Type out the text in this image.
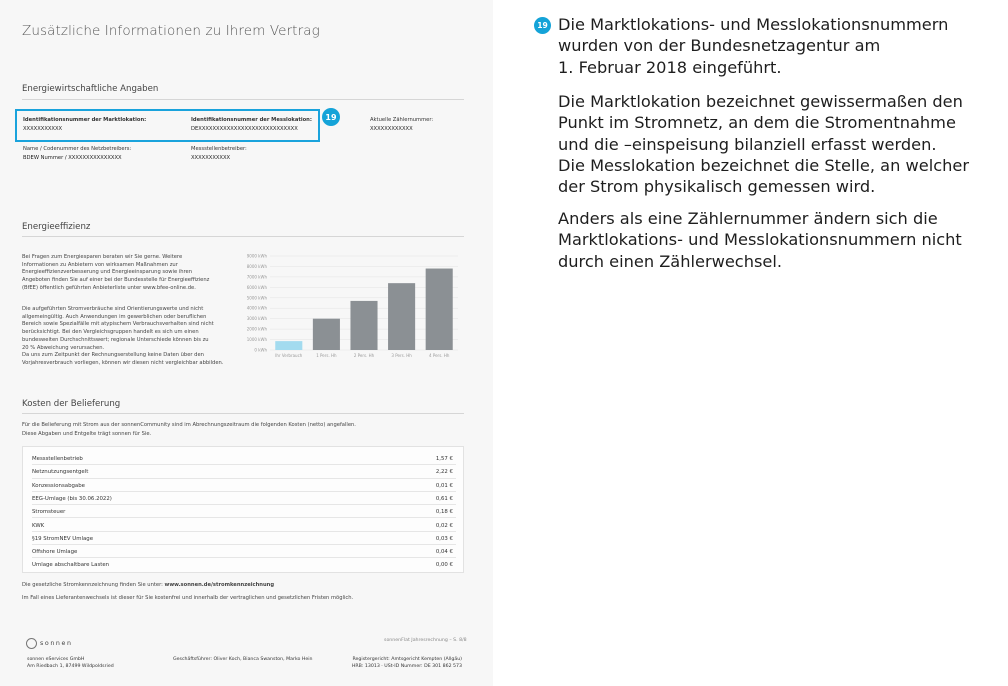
Zusätzliche Informationen zu Ihrem Vertrag
Energiewirtschaftliche Angaben
19
Identifikationsnummer der Marktlokation:
XXXXXXXXXXX
Identifikationsnummer der Messlokation:
DEXXXXXXXXXXXXXXXXXXXXXXXXXXXX
Aktuelle Zählernummer:
XXXXXXXXXXXX
Name / Codenummer des Netzbetreibers:
BDEW Nummer / XXXXXXXXXXXXXXX
Messstellenbetreiber:
XXXXXXXXXXX
Energieeffizienz
Bei Fragen zum Energiesparen beraten wir Sie gerne. Weitere
Informationen zu Anbietern von wirksamen Maßnahmen zur
Energieeffizienzverbesserung und Energieeinsparung sowie ihren
Angeboten finden Sie auf einer bei der Bundesstelle für Energieeffizienz
(BfEE) öffentlich geführten Anbieterliste unter www.bfee-online.de.
Die aufgeführten Stromverbräuche sind Orientierungswerte und nicht
allgemeingültig. Auch Anwendungen im gewerblichen oder beruflichen
Bereich sowie Spezialfälle mit atypischem Verbrauchsverhalten sind nicht
berücksichtigt. Bei den Vergleichsgruppen handelt es sich um einen
bundesweiten Durchschnittswert; regionale Unterschiede können bis zu
20 % Abweichung verursachen.
Da uns zum Zeitpunkt der Rechnungserstellung keine Daten über den
Vorjahresverbrauch vorliegen, können wir diesen nicht vergleichbar abbilden.
0 kWh
1000 kWh
2000 kWh
3000 kWh
4000 kWh
5000 kWh
6000 kWh
7000 kWh
8000 kWh
9000 kWh
Ihr Verbrauch	1 Pers. Hh	2 Pers. Hh	3 Pers. Hh	4 Pers. Hh
Kosten der Belieferung
Für die Belieferung mit Strom aus der sonnenCommunity sind im Abrechnungszeitraum die folgenden Kosten (netto) angefallen.
Diese Abgaben und Entgelte trägt sonnen für Sie.
Messstellenbetrieb	1,57 €
Netznutzungsentgelt	2,22 €
Konzessionsabgabe	0,01 €
EEG-Umlage (bis 30.06.2022)	0,61 €
Stromsteuer	0,18 €
KWK	0,02 €
§19 StromNEV Umlage	0,03 €
Offshore Umlage	0,04 €
Umlage abschaltbare Lasten	0,00 €
Die gesetzliche Stromkennzeichnung finden Sie unter: www.sonnen.de/stromkennzeichnung
Im Fall eines Lieferantenwechsels ist dieser für Sie kostenfrei und innerhalb der vertraglichen und gesetzlichen Fristen möglich.
sonnen	sonnenFlat Jahresrechnung – S. 8/8
sonnen eServices GmbH
Am Riedbach 1, 87499 Wildpoldsried
Geschäftsführer: Oliver Koch, Bianca Swanston, Marko Hein	Registergericht: Amtsgericht Kempten (Allgäu)
HRB: 13013 · USt-ID Nummer: DE 301 862 573
19 Die Marktlokations- und Messlokationsnummern
wurden von der Bundesnetzagentur am
1. Februar 2018 eingeführt.
Die Marktlokation bezeichnet gewissermaßen den
Punkt im Stromnetz, an dem die Stromentnahme
und die –einspeisung bilanziell erfasst werden.
Die Messlokation bezeichnet die Stelle, an welcher
der Strom physikalisch gemessen wird.
Anders als eine Zählernummer ändern sich die
Marktlokations- und Messlokationsnummern nicht
durch einen Zählerwechsel.
